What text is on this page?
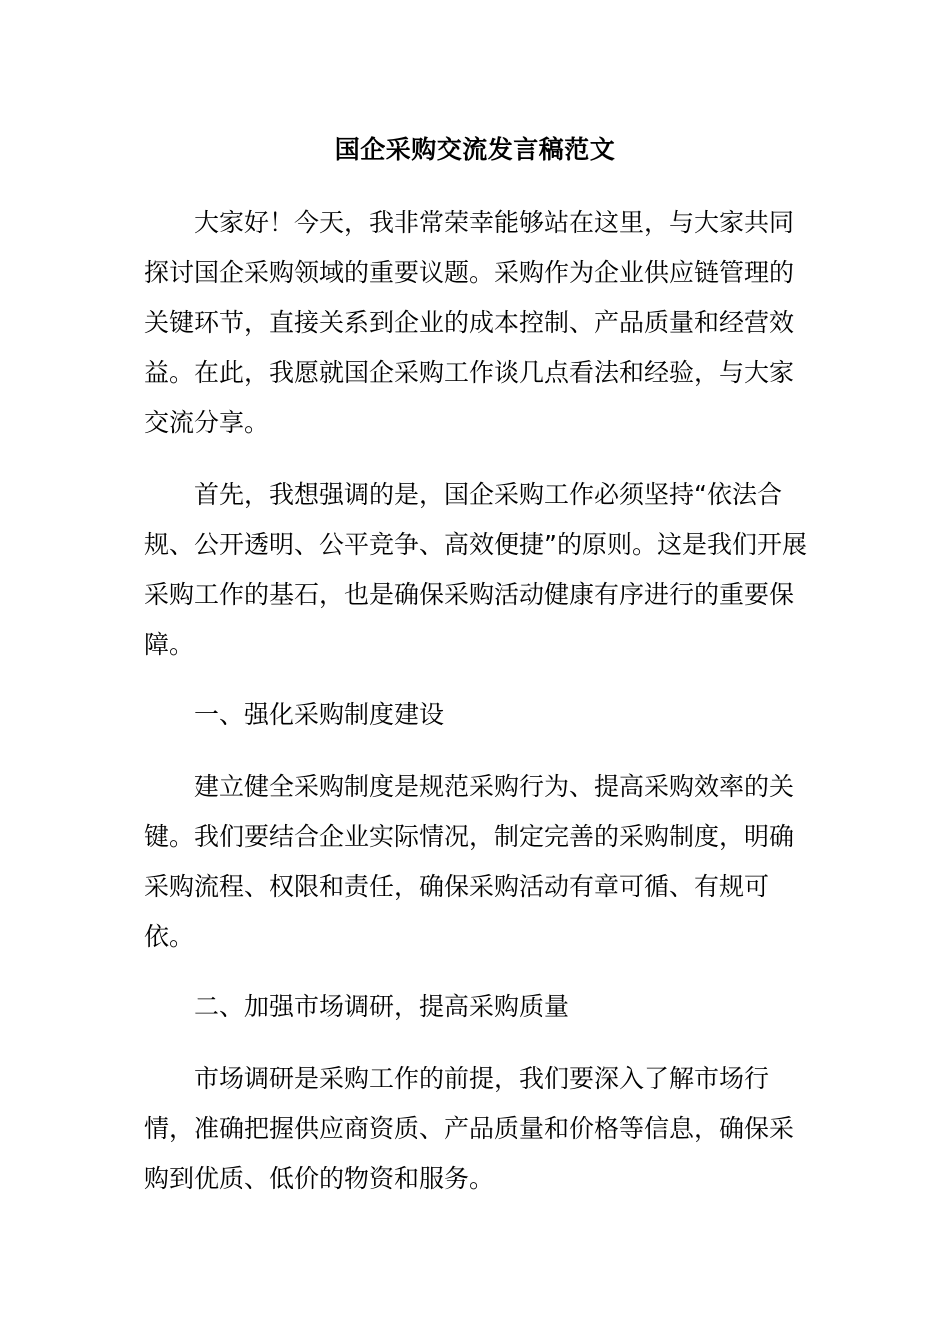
国企采购交流发言稿范文

大家好！今天，我非常荣幸能够站在这里，与大家共同探讨国企采购领域的重要议题。采购作为企业供应链管理的关键环节，直接关系到企业的成本控制、产品质量和经营效益。在此，我愿就国企采购工作谈几点看法和经验，与大家交流分享。

首先，我想强调的是，国企采购工作必须坚持“依法合规、公开透明、公平竞争、高效便捷”的原则。这是我们开展采购工作的基石，也是确保采购活动健康有序进行的重要保障。

一、强化采购制度建设

建立健全采购制度是规范采购行为、提高采购效率的关键。我们要结合企业实际情况，制定完善的采购制度，明确采购流程、权限和责任，确保采购活动有章可循、有规可依。

二、加强市场调研，提高采购质量

市场调研是采购工作的前提，我们要深入了解市场行情，准确把握供应商资质、产品质量和价格等信息，确保采购到优质、低价的物资和服务。
